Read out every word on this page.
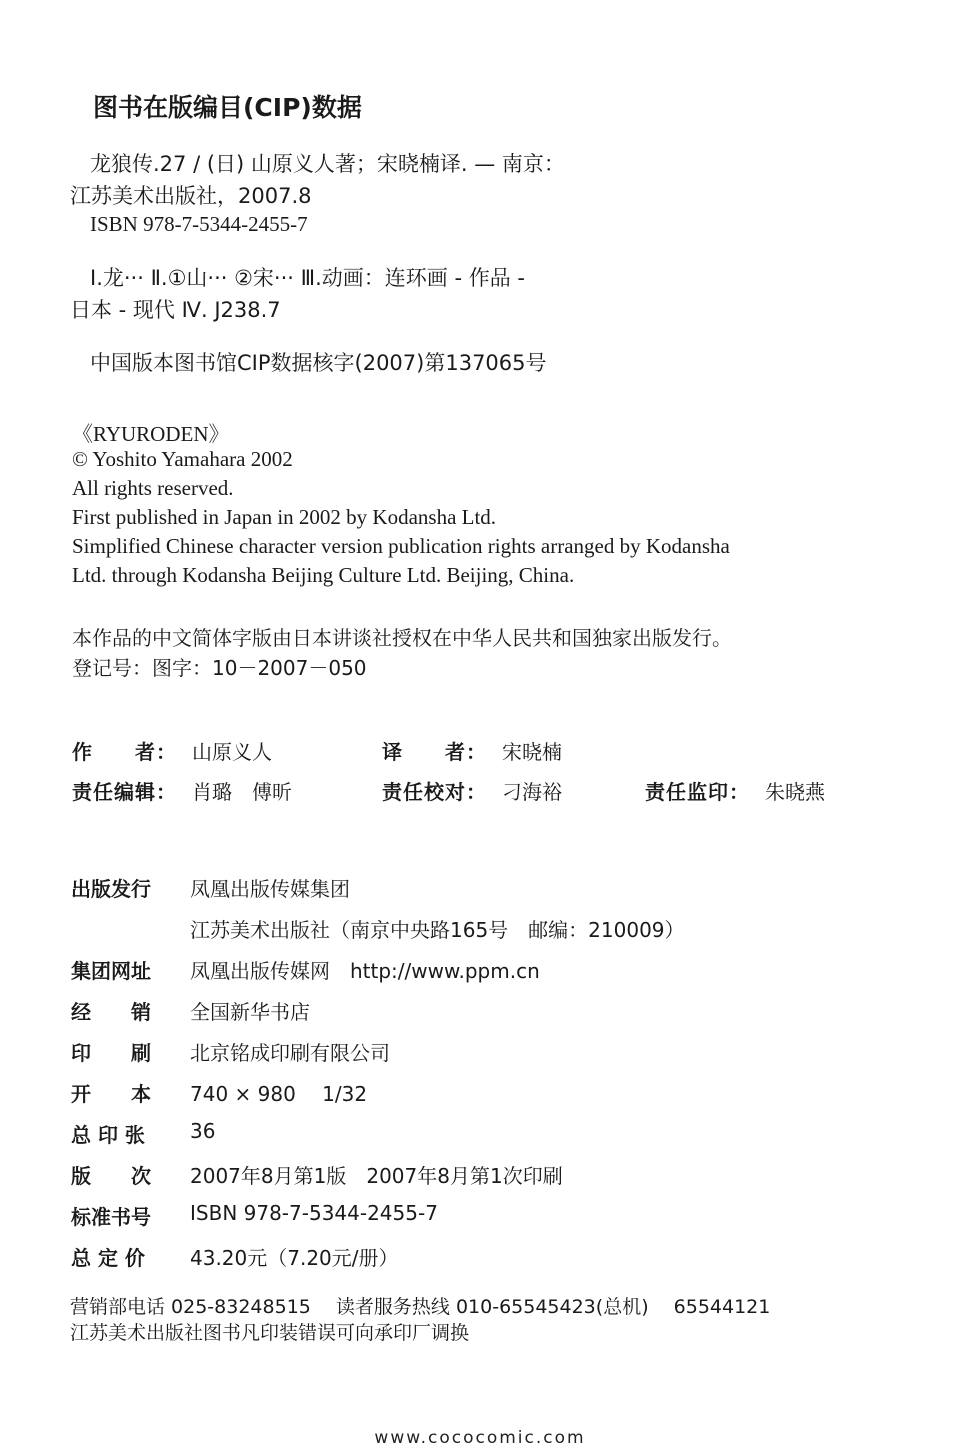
图书在版编目(CIP)数据
龙狼传.27 / (日) 山原义人著；宋晓楠译. — 南京：
江苏美术出版社，2007.8
ISBN 978-7-5344-2455-7
Ⅰ.龙··· Ⅱ.①山··· ②宋··· Ⅲ.动画：连环画 - 作品 -
日本 - 现代 Ⅳ. J238.7
中国版本图书馆CIP数据核字(2007)第137065号
《RYURODEN》
© Yoshito Yamahara 2002
All rights reserved.
First published in Japan in 2002 by Kodansha Ltd.
Simplified Chinese character version publication rights arranged by Kodansha
Ltd. through Kodansha Beijing Culture Ltd. Beijing, China.
本作品的中文简体字版由日本讲谈社授权在中华人民共和国独家出版发行。
登记号：图字：10－2007－050
作　　者： 山原义人	译　　者： 宋晓楠
责任编辑： 肖璐　傅昕	责任校对： 刁海裕	责任监印： 朱晓燕
出版发行	凤凰出版传媒集团
江苏美术出版社（南京中央路165号　邮编：210009）
集团网址	凤凰出版传媒网　http://www.ppm.cn
经　　销	全国新华书店
印　　刷	北京铭成印刷有限公司
开　　本	740 × 980　 1/32
总 印 张	36
版　　次	2007年8月第1版　2007年8月第1次印刷
标准书号	ISBN 978-7-5344-2455-7
总 定 价	43.20元（7.20元/册）
营销部电话 025-83248515　 读者服务热线 010-65545423(总机)　 65544121
江苏美术出版社图书凡印装错误可向承印厂调换
www.cococomic.com
